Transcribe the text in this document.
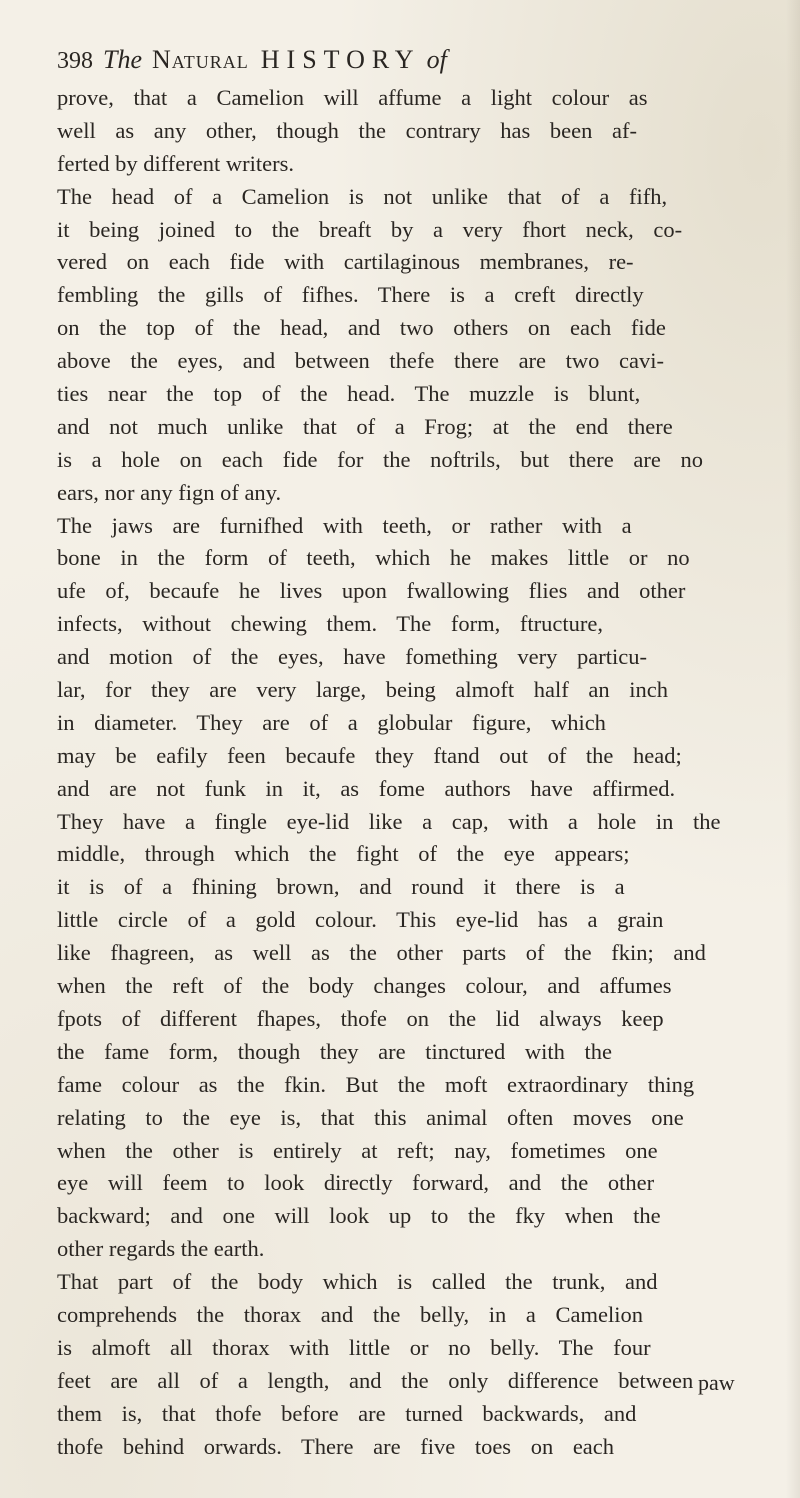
398 The Natural HISTORY of
prove, that a Camelion will affume a light colour as
well as any other, though the contrary has been af-
ferted by different writers.
The head of a Camelion is not unlike that of a fifh,
it being joined to the breaft by a very fhort neck, co-
vered on each fide with cartilaginous membranes, re-
fembling the gills of fifhes. There is a creft directly
on the top of the head, and two others on each fide
above the eyes, and between thefe there are two cavi-
ties near the top of the head. The muzzle is blunt,
and not much unlike that of a Frog; at the end there
is a hole on each fide for the noftrils, but there are no
ears, nor any fign of any.
The jaws are furnifhed with teeth, or rather with a
bone in the form of teeth, which he makes little or no
ufe of, becaufe he lives upon fwallowing flies and other
infects, without chewing them. The form, ftructure,
and motion of the eyes, have fomething very particu-
lar, for they are very large, being almoft half an inch
in diameter. They are of a globular figure, which
may be eafily feen becaufe they ftand out of the head;
and are not funk in it, as fome authors have affirmed.
They have a fingle eye-lid like a cap, with a hole in the
middle, through which the fight of the eye appears;
it is of a fhining brown, and round it there is a
little circle of a gold colour. This eye-lid has a grain
like fhagreen, as well as the other parts of the fkin; and
when the reft of the body changes colour, and affumes
fpots of different fhapes, thofe on the lid always keep
the fame form, though they are tinctured with the
fame colour as the fkin. But the moft extraordinary thing
relating to the eye is, that this animal often moves one
when the other is entirely at reft; nay, fometimes one
eye will feem to look directly forward, and the other
backward; and one will look up to the fky when the
other regards the earth.
That part of the body which is called the trunk, and
comprehends the thorax and the belly, in a Camelion
is almoft all thorax with little or no belly. The four
feet are all of a length, and the only difference between
them is, that thofe before are turned backwards, and
thofe behind orwards. There are five toes on each
paw
